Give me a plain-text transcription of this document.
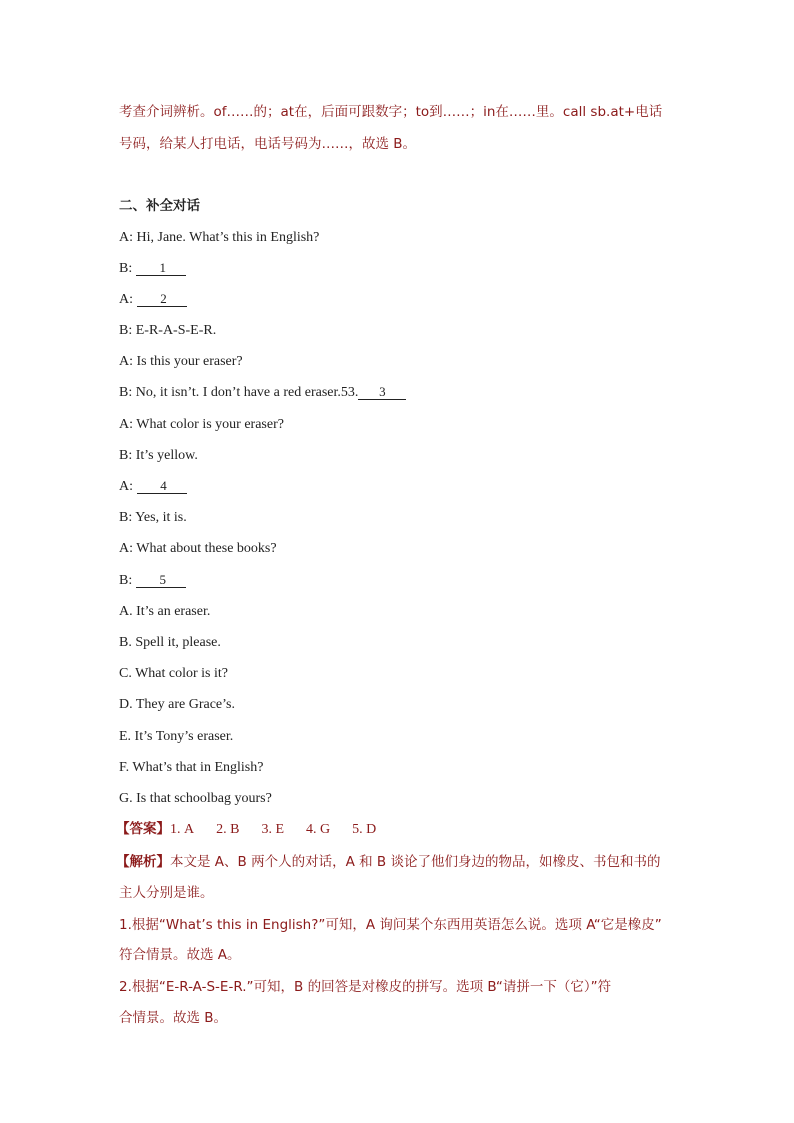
考查介词辨析。of……的；at在，后面可跟数字；to到……；in在……里。call sb.at+电话
号码，给某人打电话，电话号码为……，故选 B。
二、补全对话
A: Hi, Jane. What’s this in English?
B: 1
A: 2
B: E-R-A-S-E-R.
A: Is this your eraser?
B: No, it isn’t. I don’t have a red eraser.53. 3
A: What color is your eraser?
B: It’s yellow.
A: 4
B: Yes, it is.
A: What about these books?
B: 5
A. It’s an eraser.
B. Spell it, please.
C. What color is it?
D. They are Grace’s.
E. It’s Tony’s eraser.
F. What’s that in English?
G. Is that schoolbag yours?
【答案】1. A 2. B 3. E 4. G 5. D
【解析】本文是 A、B 两个人的对话，A 和 B 谈论了他们身边的物品，如橡皮、书包和书的
主人分别是谁。
1.根据“What’s this in English?”可知，A 询问某个东西用英语怎么说。选项 A“它是橡皮”
符合情景。故选 A。
2.根据“E-R-A-S-E-R.”可知，B 的回答是对橡皮的拼写。选项 B“请拼一下（它）”符
合情景。故选 B。
